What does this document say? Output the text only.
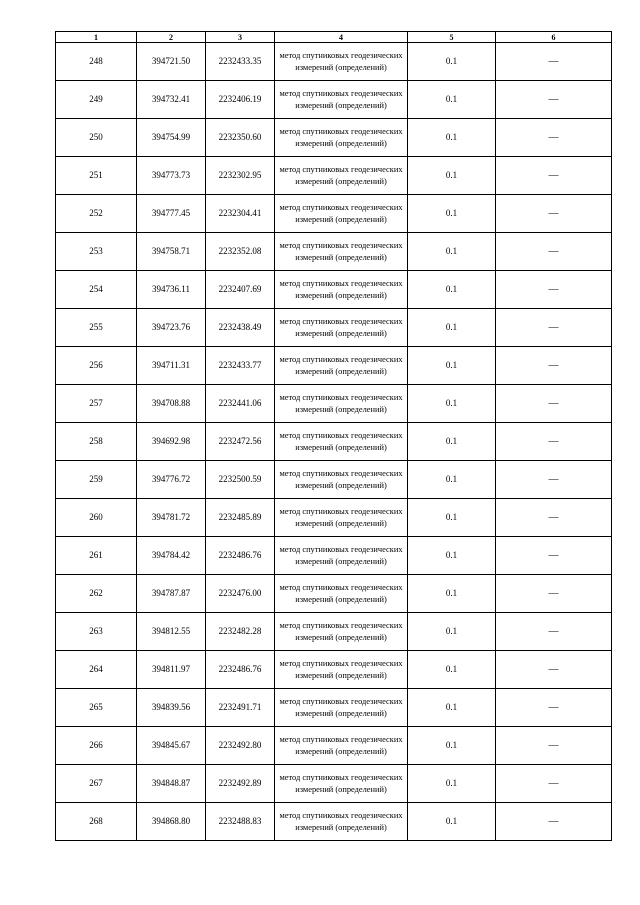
1	2	3	4	5	6
248	394721.50	2232433.35	метод спутниковых геодезических измерений (определений)	0.1	—
249	394732.41	2232406.19	метод спутниковых геодезических измерений (определений)	0.1	—
250	394754.99	2232350.60	метод спутниковых геодезических измерений (определений)	0.1	—
251	394773.73	2232302.95	метод спутниковых геодезических измерений (определений)	0.1	—
252	394777.45	2232304.41	метод спутниковых геодезических измерений (определений)	0.1	—
253	394758.71	2232352.08	метод спутниковых геодезических измерений (определений)	0.1	—
254	394736.11	2232407.69	метод спутниковых геодезических измерений (определений)	0.1	—
255	394723.76	2232438.49	метод спутниковых геодезических измерений (определений)	0.1	—
256	394711.31	2232433.77	метод спутниковых геодезических измерений (определений)	0.1	—
257	394708.88	2232441.06	метод спутниковых геодезических измерений (определений)	0.1	—
258	394692.98	2232472.56	метод спутниковых геодезических измерений (определений)	0.1	—
259	394776.72	2232500.59	метод спутниковых геодезических измерений (определений)	0.1	—
260	394781.72	2232485.89	метод спутниковых геодезических измерений (определений)	0.1	—
261	394784.42	2232486.76	метод спутниковых геодезических измерений (определений)	0.1	—
262	394787.87	2232476.00	метод спутниковых геодезических измерений (определений)	0.1	—
263	394812.55	2232482.28	метод спутниковых геодезических измерений (определений)	0.1	—
264	394811.97	2232486.76	метод спутниковых геодезических измерений (определений)	0.1	—
265	394839.56	2232491.71	метод спутниковых геодезических измерений (определений)	0.1	—
266	394845.67	2232492.80	метод спутниковых геодезических измерений (определений)	0.1	—
267	394848.87	2232492.89	метод спутниковых геодезических измерений (определений)	0.1	—
268	394868.80	2232488.83	метод спутниковых геодезических измерений (определений)	0.1	—
